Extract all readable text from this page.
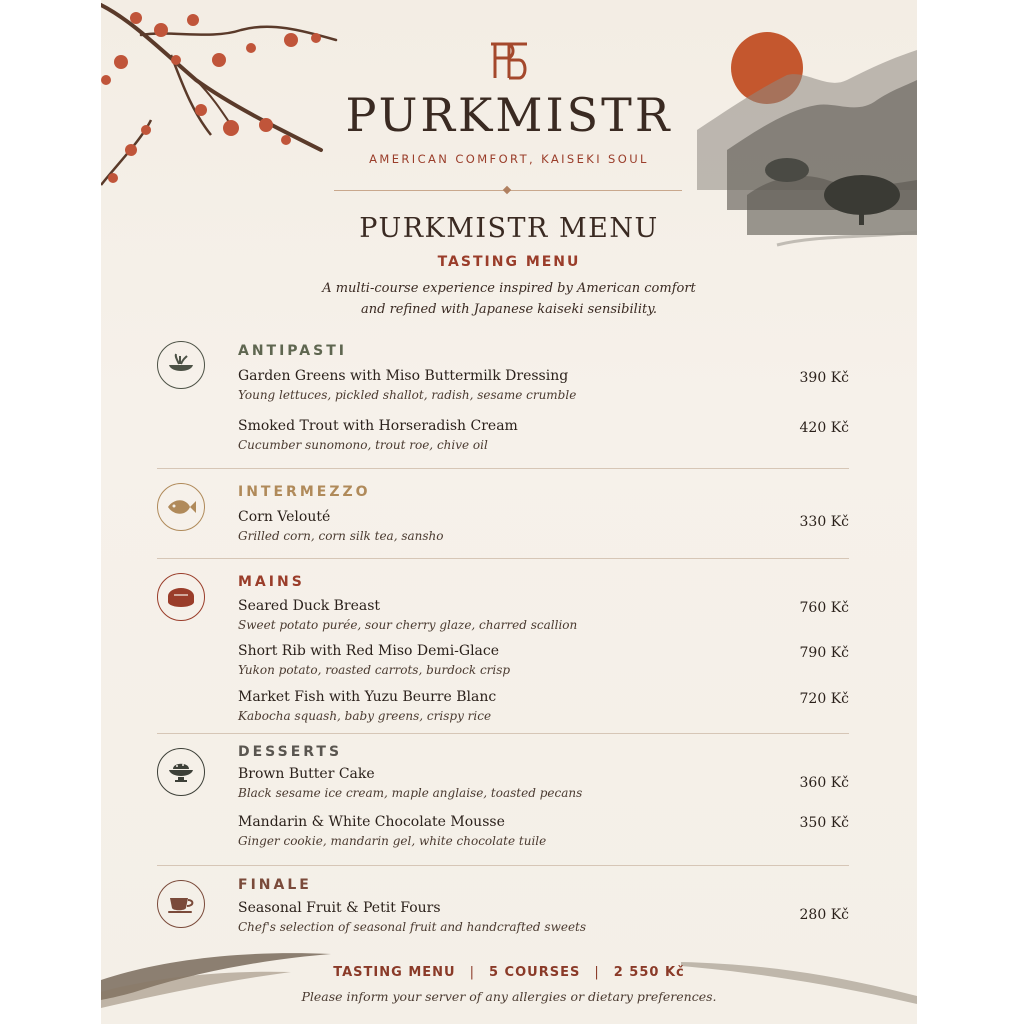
PURKMISTR
AMERICAN COMFORT, KAISEKI SOUL
PURKMISTR MENU
TASTING MENU
A multi-course experience inspired by American comfort
and refined with Japanese kaiseki sensibility.
ANTIPASTI
Garden Greens with Miso Buttermilk Dressing
Young lettuces, pickled shallot, radish, sesame crumble
390 Kč
Smoked Trout with Horseradish Cream
Cucumber sunomono, trout roe, chive oil
420 Kč
INTERMEZZO
Corn Velouté
Grilled corn, corn silk tea, sansho
330 Kč
MAINS
Seared Duck Breast
Sweet potato purée, sour cherry glaze, charred scallion
760 Kč
Short Rib with Red Miso Demi-Glace
Yukon potato, roasted carrots, burdock crisp
790 Kč
Market Fish with Yuzu Beurre Blanc
Kabocha squash, baby greens, crispy rice
720 Kč
DESSERTS
Brown Butter Cake
Black sesame ice cream, maple anglaise, toasted pecans
360 Kč
Mandarin & White Chocolate Mousse
Ginger cookie, mandarin gel, white chocolate tuile
350 Kč
FINALE
Seasonal Fruit & Petit Fours
Chef's selection of seasonal fruit and handcrafted sweets
280 Kč
TASTING MENU | 5 COURSES | 2 550 Kč
Please inform your server of any allergies or dietary preferences.
